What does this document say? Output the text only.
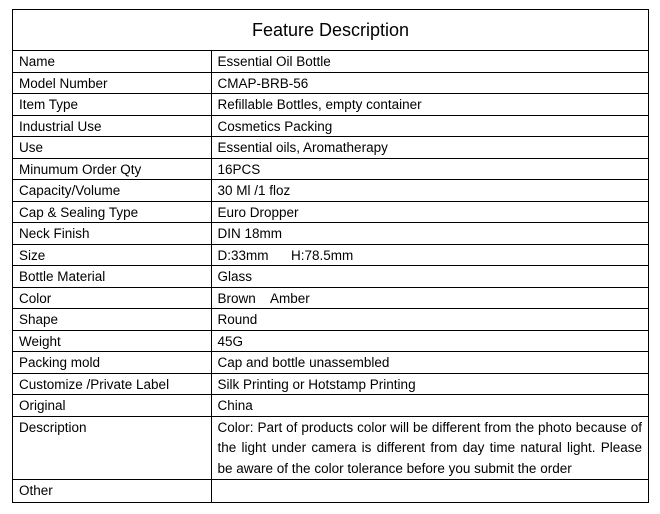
Feature Description
Name	Essential Oil Bottle
Model Number	CMAP-BRB-56
Item Type	Refillable Bottles, empty container
Industrial Use	Cosmetics Packing
Use	Essential oils, Aromatherapy
Minumum Order Qty	16PCS
Capacity/Volume	30 Ml /1 floz
Cap & Sealing Type	Euro Dropper
Neck Finish	DIN 18mm
Size	D:33mm      H:78.5mm
Bottle Material	Glass
Color	Brown    Amber
Shape	Round
Weight	45G
Packing mold	Cap and bottle unassembled
Customize /Private Label	Silk Printing or Hotstamp Printing
Original	China
Description	Color: Part of products color will be different from the photo because of the light under camera is different from day time natural light. Please be aware of the color tolerance before you submit the order
Other	
